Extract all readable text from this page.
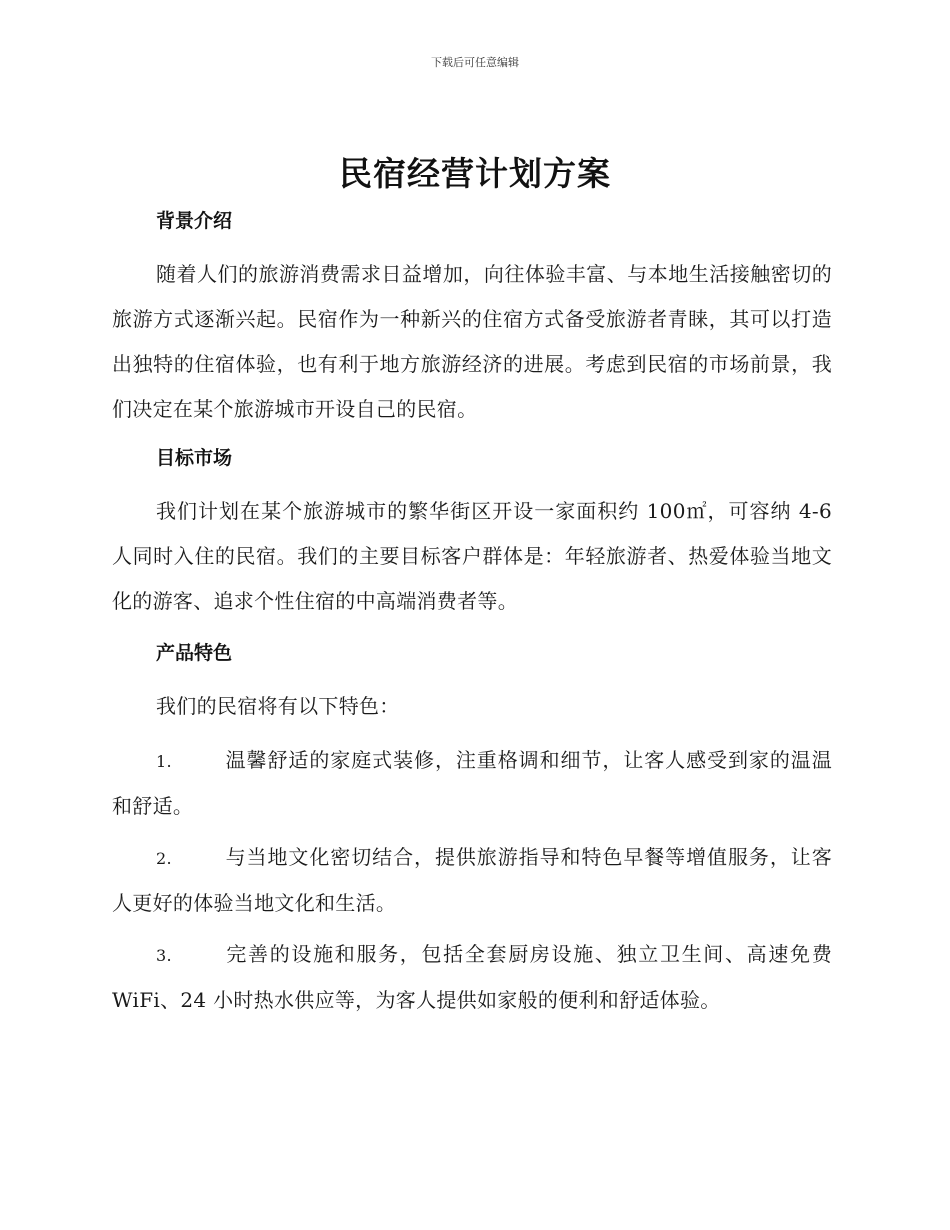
下载后可任意编辑
民宿经营计划方案
背景介绍

随着人们的旅游消费需求日益增加，向往体验丰富、与本地生活接触密切的旅游方式逐渐兴起。民宿作为一种新兴的住宿方式备受旅游者青睐，其可以打造出独特的住宿体验，也有利于地方旅游经济的进展。考虑到民宿的市场前景，我们决定在某个旅游城市开设自己的民宿。

目标市场

我们计划在某个旅游城市的繁华街区开设一家面积约 100㎡，可容纳 4-6 人同时入住的民宿。我们的主要目标客户群体是：年轻旅游者、热爱体验当地文化的游客、追求个性住宿的中高端消费者等。

产品特色

我们的民宿将有以下特色：

1.	温馨舒适的家庭式装修，注重格调和细节，让客人感受到家的温温和舒适。

2.	与当地文化密切结合，提供旅游指导和特色早餐等增值服务，让客人更好的体验当地文化和生活。

3.	完善的设施和服务，包括全套厨房设施、独立卫生间、高速免费WiFi、24 小时热水供应等，为客人提供如家般的便利和舒适体验。
